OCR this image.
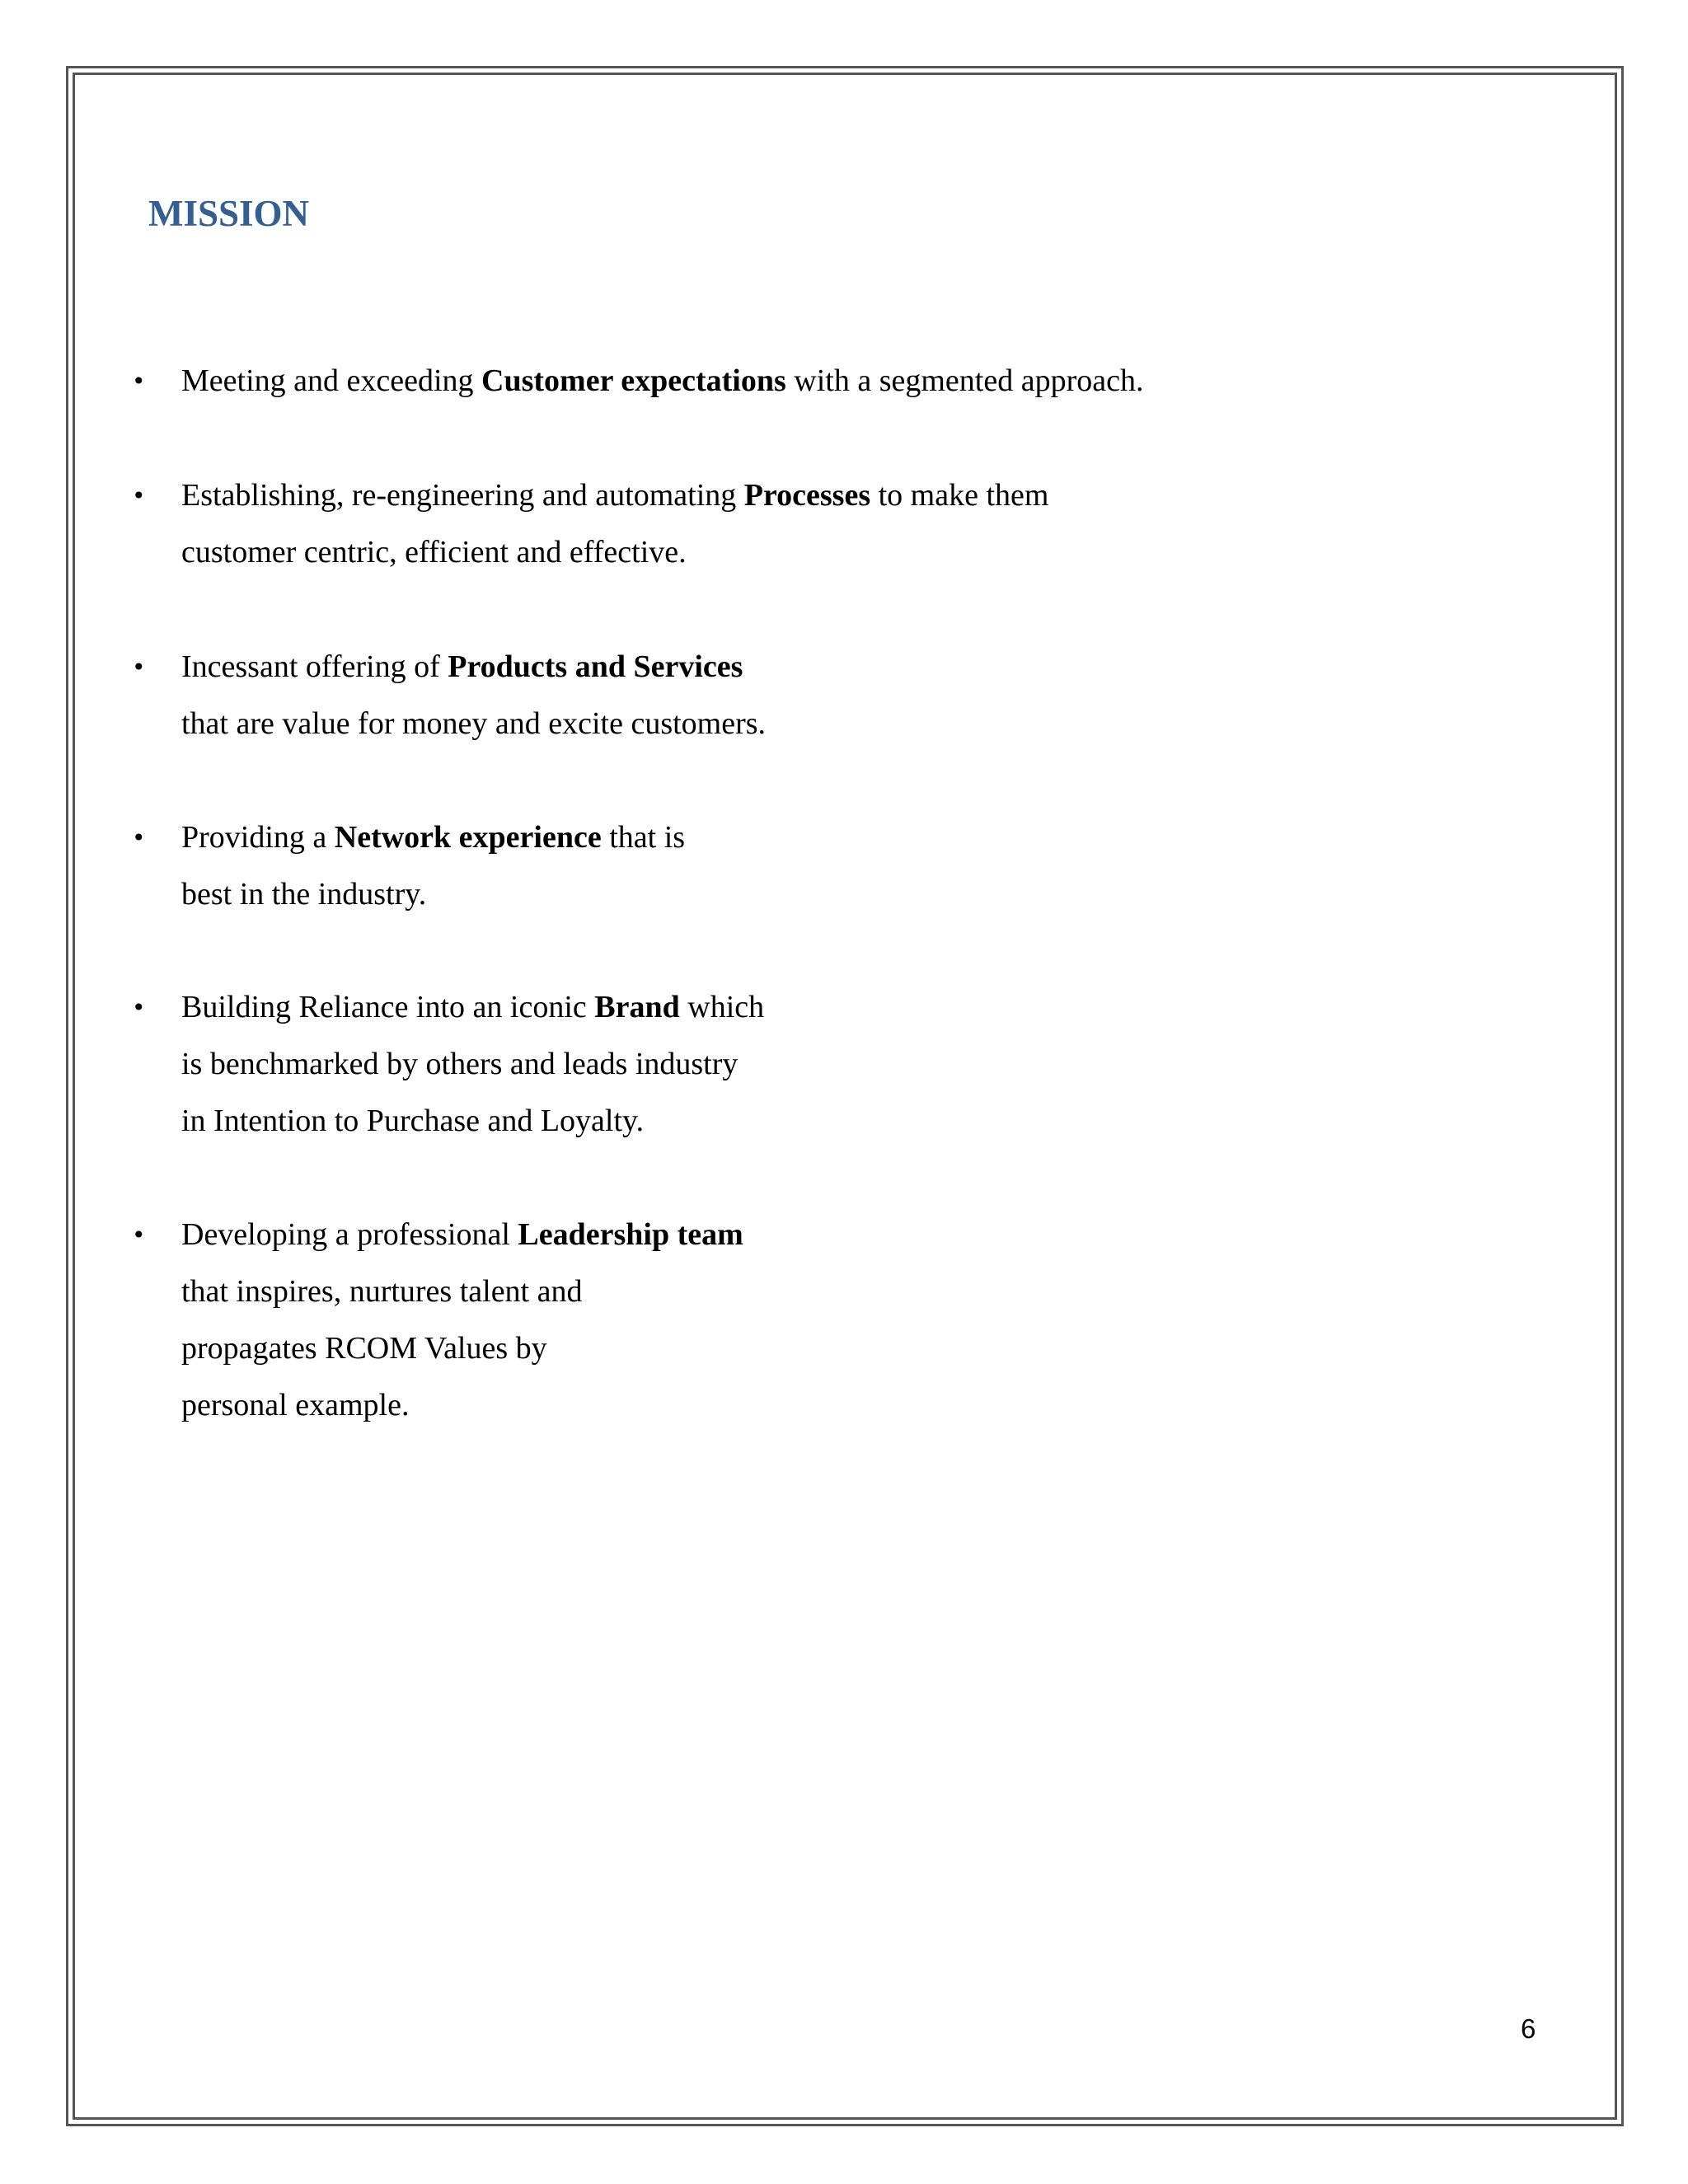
MISSION
• Meeting and exceeding Customer expectations with a segmented approach.
• Establishing, re-engineering and automating Processes to make them
customer centric, efficient and effective.
• Incessant offering of Products and Services
that are value for money and excite customers.
• Providing a Network experience that is
best in the industry.
• Building Reliance into an iconic Brand which
is benchmarked by others and leads industry
in Intention to Purchase and Loyalty.
• Developing a professional Leadership team
that inspires, nurtures talent and
propagates RCOM Values by
personal example.
6
